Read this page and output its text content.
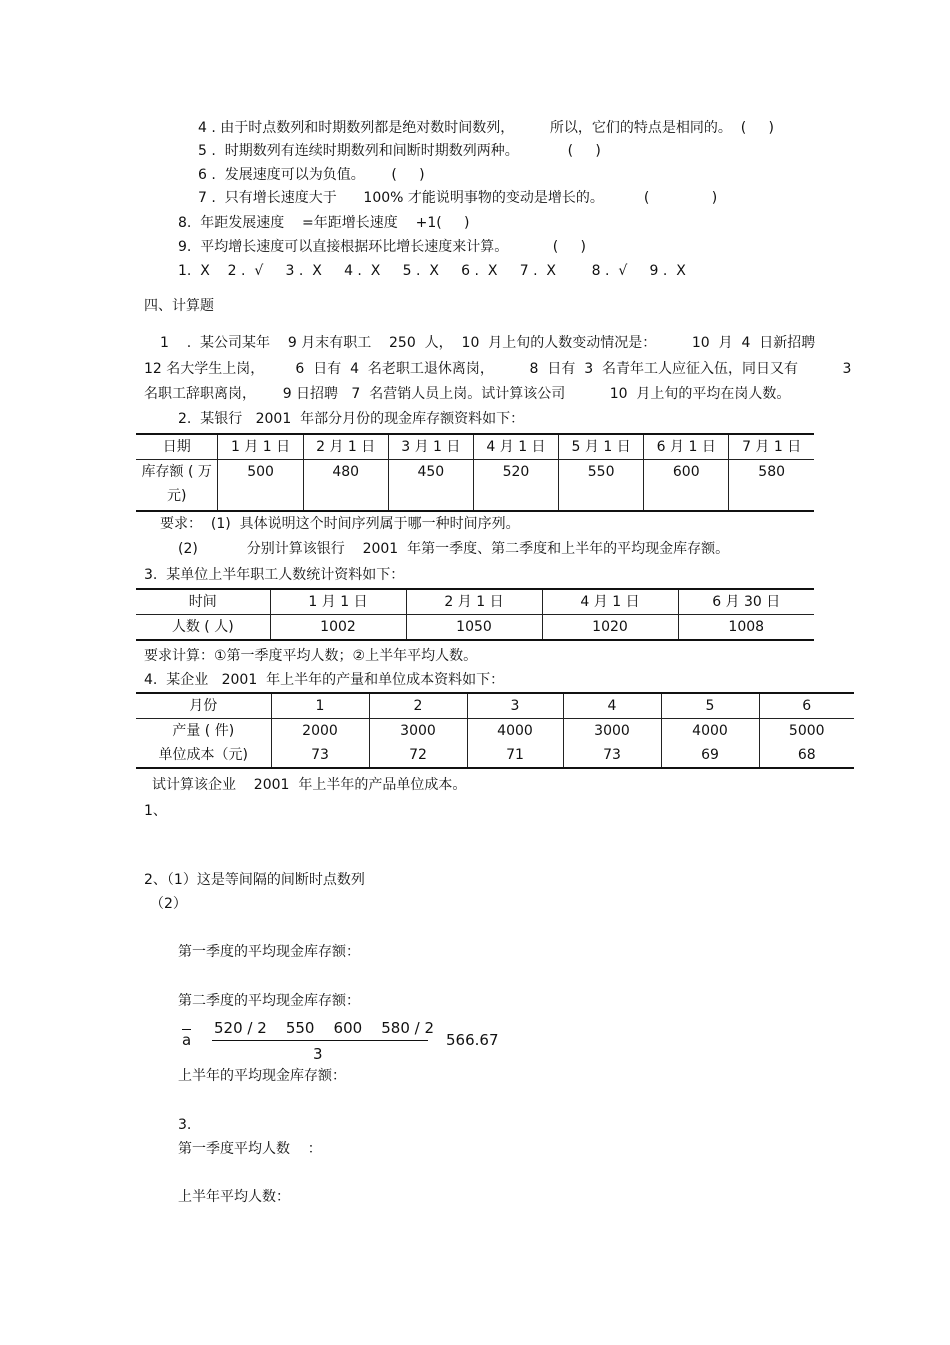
4 . 由于时点数列和时期数列都是绝对数时间数列，        所以，它们的特点是相同的。  (     )
5 .  时期数列有连续时期数列和间断时期数列两种。           (     )
6 .  发展速度可以为负值。      (     )
7 .  只有增长速度大于      100% 才能说明事物的变动是增长的。         (              )
8.  年距发展速度    =年距增长速度    +1(     )
9.  平均增长速度可以直接根据环比增长速度来计算。          (     )
1.  X    2 .  √     3 .  X     4 .  X     5 .  X     6 .  X     7 .  X        8 .  √     9 .  X
四、计算题
1    .  某公司某年    9 月末有职工    250  人，  10  月上旬的人数变动情况是：        10  月  4  日新招聘
12 名大学生上岗，       6  日有  4  名老职工退休离岗，        8  日有  3  名青年工人应征入伍，同日又有          3
名职工辞职离岗，      9 日招聘   7  名营销人员上岗。试计算该公司          10  月上旬的平均在岗人数。
2.  某银行   2001  年部分月份的现金库存额资料如下：
日期	1 月 1 日	2 月 1 日	3 月 1 日	4 月 1 日	5 月 1 日	6 月 1 日	7 月 1 日

库存额 ( 万
元)	500	480	450	520	550	600	580
要求：  (1)  具体说明这个时间序列属于哪一种时间序列。
(2)           分别计算该银行    2001  年第一季度、第二季度和上半年的平均现金库存额。
3.  某单位上半年职工人数统计资料如下：
时间	1 月 1 日	2 月 1 日	4 月 1 日	6 月 30 日
人数 ( 人)	1002	1050	1020	1008
要求计算：①第一季度平均人数；②上半年平均人数。
4.  某企业   2001  年上半年的产量和单位成本资料如下：
月份	1	2	3	4	5	6
产量 ( 件)	2000	3000	4000	3000	4000	5000
单位成本（元)	73	72	71	73	69	68
试计算该企业    2001  年上半年的产品单位成本。
1、
2、（1）这是等间隔的间断时点数列
（2）
第一季度的平均现金库存额：
第二季度的平均现金库存额：
a
520 / 2    550    600    580 / 2
3
566.67
上半年的平均现金库存额：
3.
第一季度平均人数    ：
上半年平均人数：
